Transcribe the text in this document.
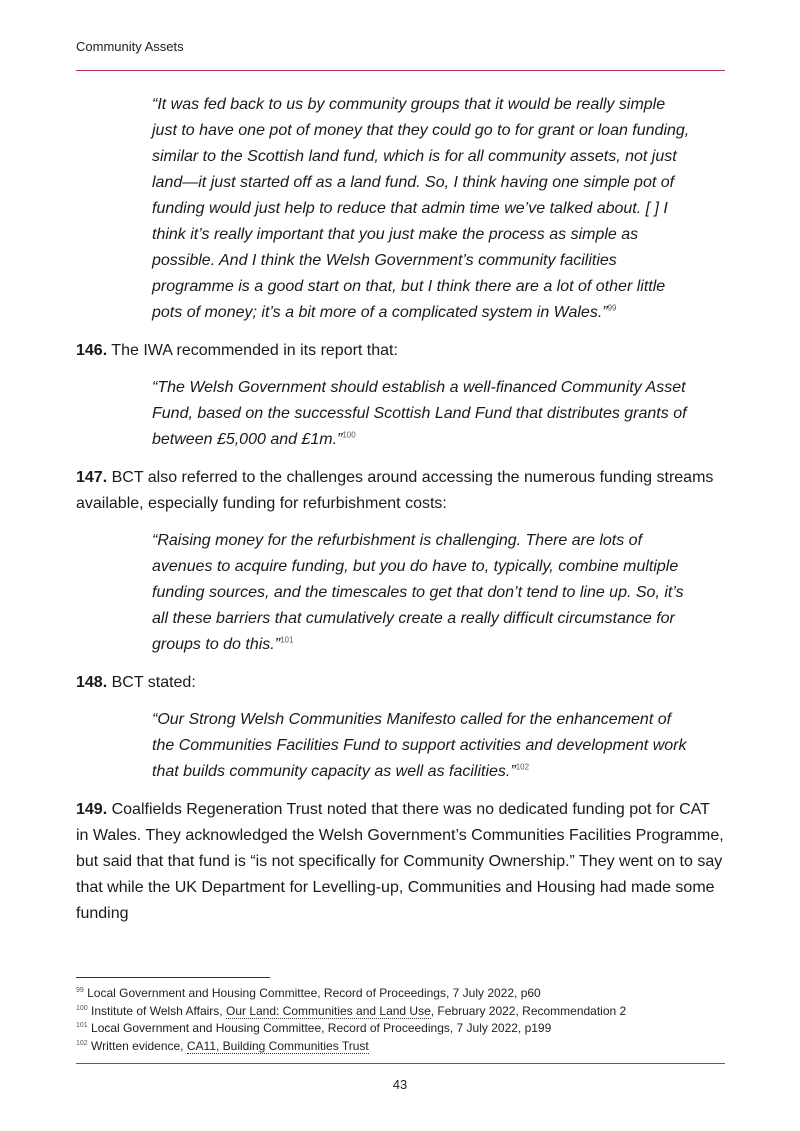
Community Assets

“It was fed back to us by community groups that it would be really simple just to have one pot of money that they could go to for grant or loan funding, similar to the Scottish land fund, which is for all community assets, not just land—it just started off as a land fund. So, I think having one simple pot of funding would just help to reduce that admin time we’ve talked about. [ ] I think it’s really important that you just make the process as simple as possible. And I think the Welsh Government’s community facilities programme is a good start on that, but I think there are a lot of other little pots of money; it’s a bit more of a complicated system in Wales.”$^{99}$

146. The IWA recommended in its report that:

“The Welsh Government should establish a well-financed Community Asset Fund, based on the successful Scottish Land Fund that distributes grants of between £5,000 and £1m.”$^{100}$

147. BCT also referred to the challenges around accessing the numerous funding streams available, especially funding for refurbishment costs:

“Raising money for the refurbishment is challenging. There are lots of avenues to acquire funding, but you do have to, typically, combine multiple funding sources, and the timescales to get that don’t tend to line up. So, it’s all these barriers that cumulatively create a really difficult circumstance for groups to do this.”$^{101}$

148. BCT stated:

“Our Strong Welsh Communities Manifesto called for the enhancement of the Communities Facilities Fund to support activities and development work that builds community capacity as well as facilities.”$^{102}$

149. Coalfields Regeneration Trust noted that there was no dedicated funding pot for CAT in Wales. They acknowledged the Welsh Government’s Communities Facilities Programme, but said that that fund is “is not specifically for Community Ownership.” They went on to say that while the UK Department for Levelling-up, Communities and Housing had made some funding

$^{99}$ Local Government and Housing Committee, Record of Proceedings, 7 July 2022, p60
$^{100}$ Institute of Welsh Affairs, Our Land: Communities and Land Use, February 2022, Recommendation 2
$^{101}$ Local Government and Housing Committee, Record of Proceedings, 7 July 2022, p199
$^{102}$ Written evidence, CA11, Building Communities Trust
43
